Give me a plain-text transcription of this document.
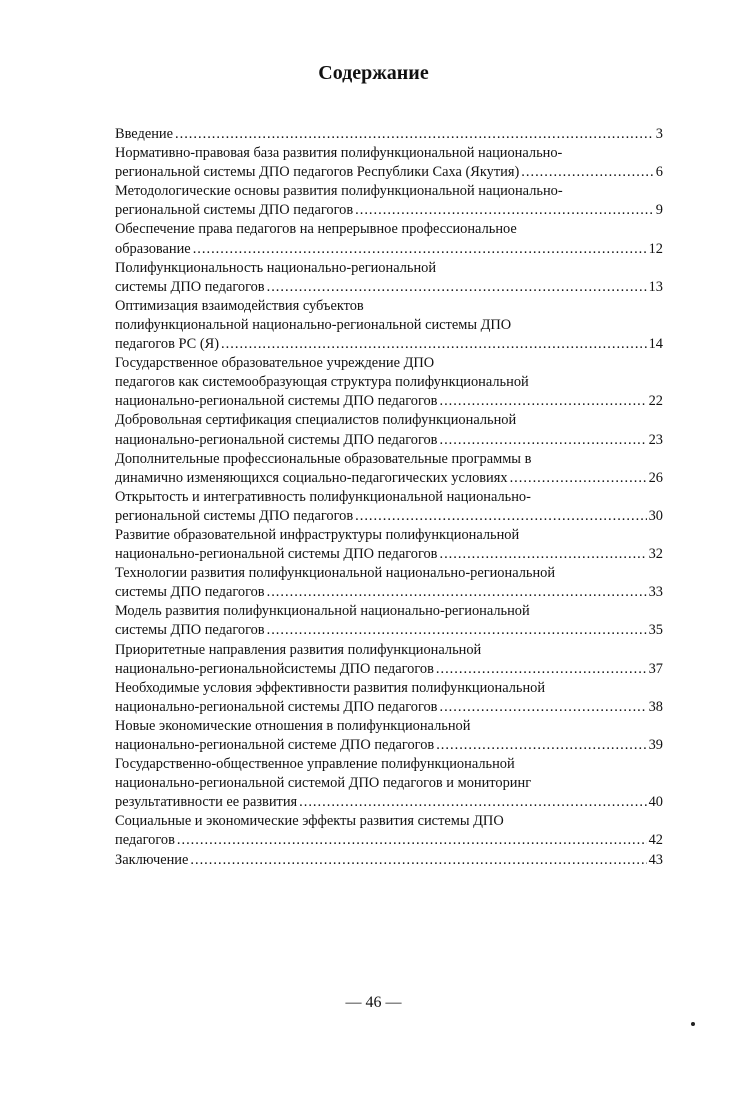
Содержание
Введение .....	3
Нормативно-правовая база развития полифункциональной национально-
региональной системы ДПО педагогов Республики Саха (Якутия) .....	6
Методологические основы развития полифункциональной национально-
региональной системы ДПО педагогов .....	9
Обеспечение права педагогов на непрерывное профессиональное
образование .....	12
Полифункциональность национально-региональной
системы ДПО педагогов .....	13
Оптимизация взаимодействия субъектов
полифункциональной национально-региональной системы ДПО
педагогов РС (Я) .....	14
Государственное образовательное учреждение ДПО
педагогов как системообразующая структура полифункциональной
национально-региональной системы ДПО педагогов .....	22
Добровольная сертификация специалистов полифункциональной
национально-региональной системы ДПО педагогов .....	23
Дополнительные профессиональные образовательные программы в
динамично изменяющихся социально-педагогических условиях .....	26
Открытость и интегративность полифункциональной национально-
региональной системы ДПО педагогов .....	30
Развитие образовательной инфраструктуры полифункциональной
национально-региональной системы ДПО педагогов .....	32
Технологии развития полифункциональной национально-региональной
системы ДПО педагогов .....	33
Модель развития полифункциональной национально-региональной
системы ДПО педагогов .....	35
Приоритетные направления развития полифункциональной
национально-региональнойсистемы ДПО педагогов .....	37
Необходимые условия эффективности развития полифункциональной
национально-региональной системы ДПО педагогов .....	38
Новые экономические отношения в полифункциональной
национально-региональной системе ДПО педагогов .....	39
Государственно-общественное управление полифункциональной
национально-региональной системой ДПО педагогов и мониторинг
результативности ее развития .....	40
Социальные и экономические эффекты развития системы ДПО
педагогов .....	42
Заключение .....	43
— 46 —
